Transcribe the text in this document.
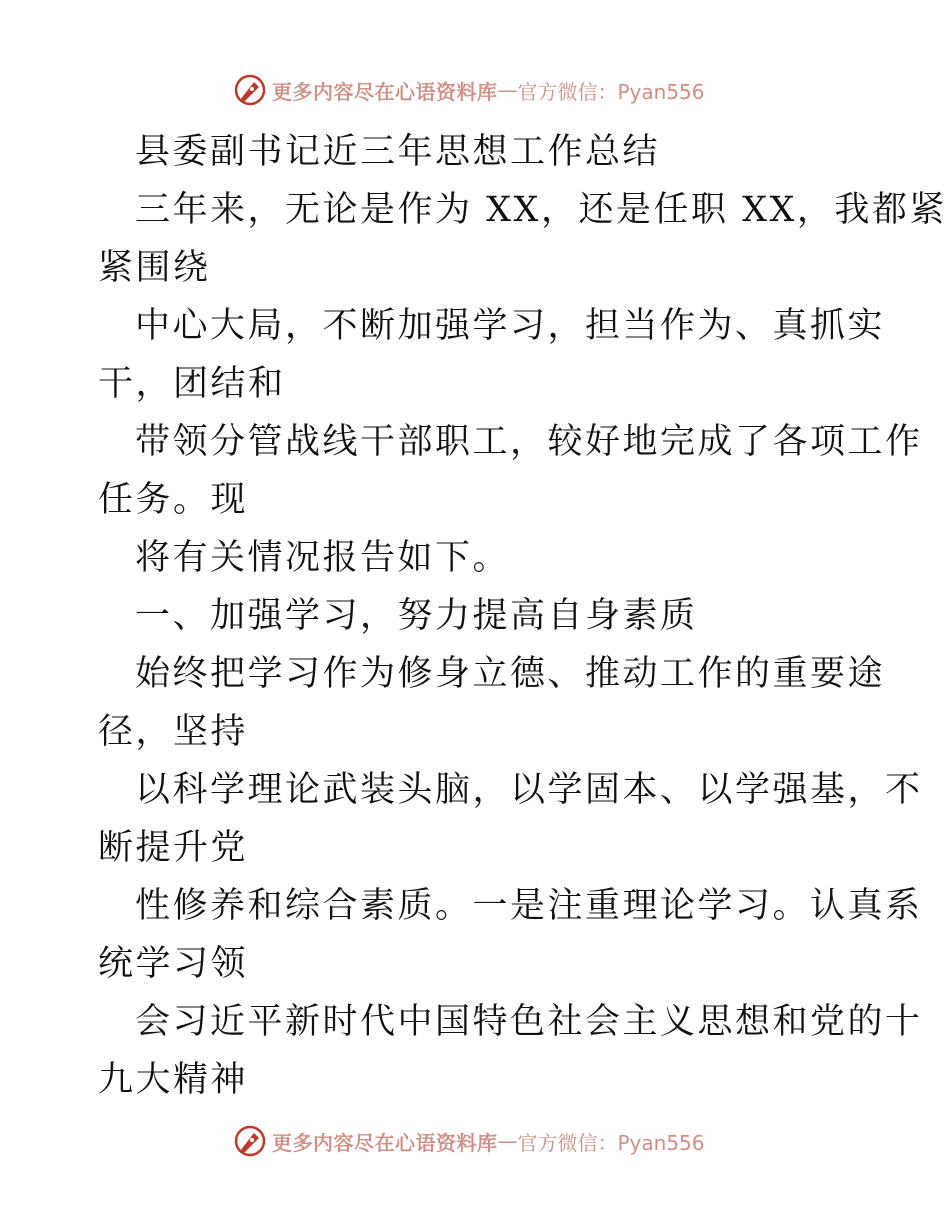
更多内容尽在心语资料库 — 官方微信：Pyan556
县委副书记近三年思想工作总结
三年来，无论是作为 XX，还是任职 XX，我都紧
紧围绕
中心大局，不断加强学习，担当作为、真抓实
干，团结和
带领分管战线干部职工，较好地完成了各项工作
任务。现
将有关情况报告如下。
一、加强学习，努力提高自身素质
始终把学习作为修身立德、推动工作的重要途
径，坚持
以科学理论武装头脑，以学固本、以学强基，不
断提升党
性修养和综合素质。一是注重理论学习。认真系
统学习领
会习近平新时代中国特色社会主义思想和党的十
九大精神
更多内容尽在心语资料库 — 官方微信：Pyan556
